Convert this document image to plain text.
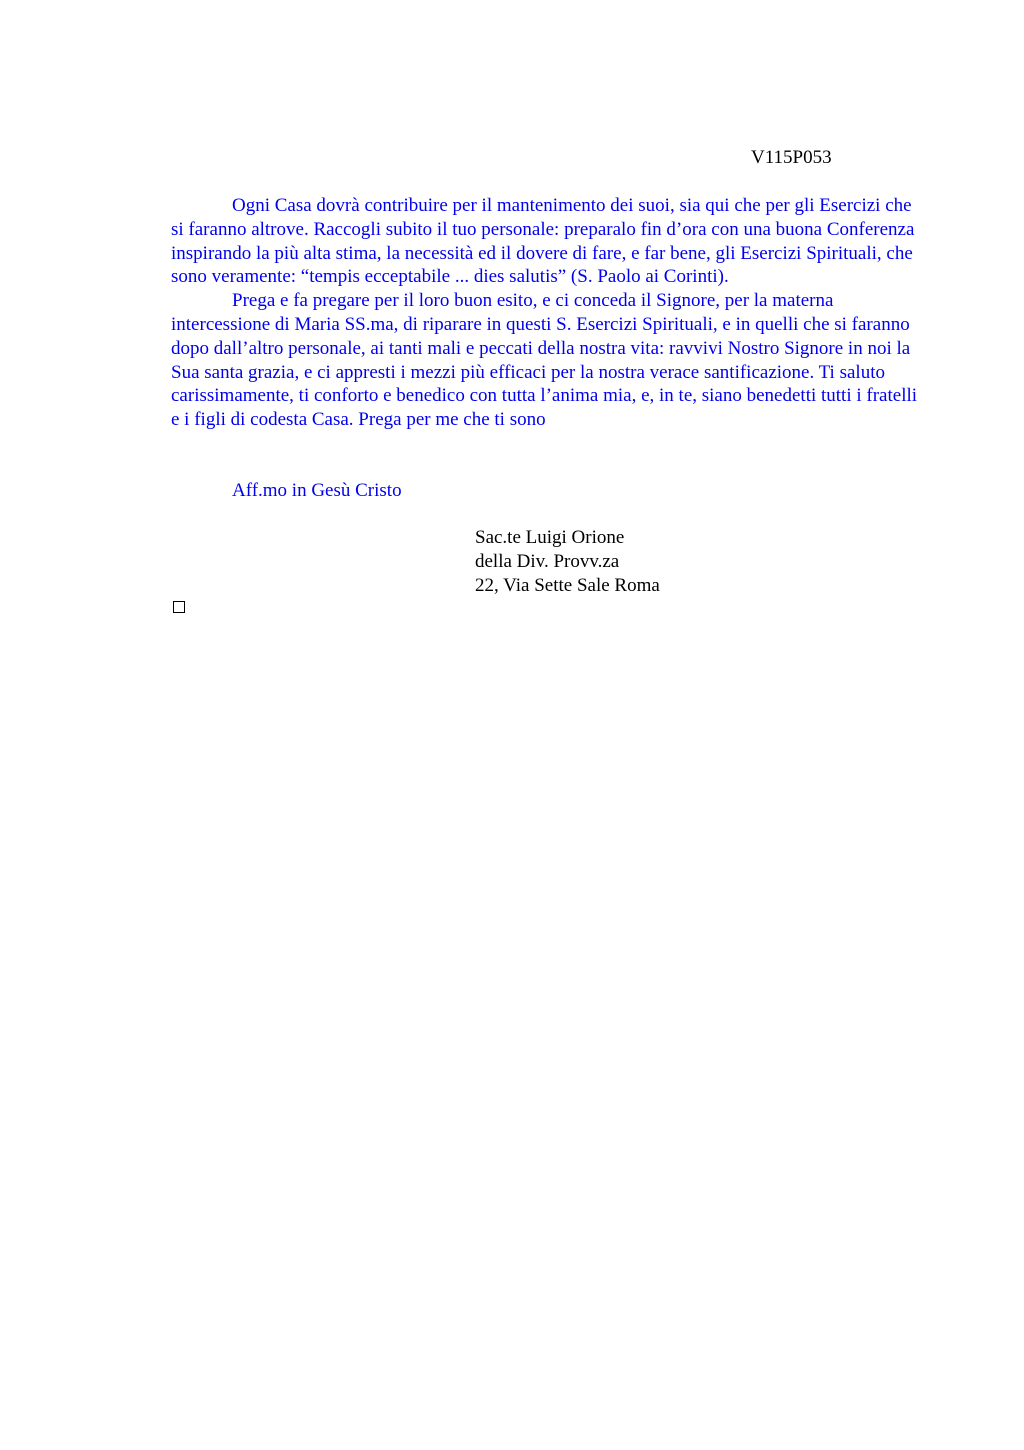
V115P053

Ogni Casa dovrà contribuire per il mantenimento dei suoi, sia qui che per gli Esercizi che si faranno altrove. Raccogli subito il tuo personale: preparalo fin d’ora con una buona Conferenza inspirando la più alta stima, la necessità ed il dovere di fare, e far bene, gli Esercizi Spirituali, che sono veramente: “tempis ecceptabile ... dies salutis” (S. Paolo ai Corinti).

Prega e fa pregare per il loro buon esito, e ci conceda il Signore, per la materna intercessione di Maria SS.ma, di riparare in questi S. Esercizi Spirituali, e in quelli che si faranno dopo dall’altro personale, ai tanti mali e peccati della nostra vita: ravvivi Nostro Signore in noi la Sua santa grazia, e ci appresti i mezzi più efficaci per la nostra verace santificazione. Ti saluto carissimamente, ti conforto e benedico con tutta l’anima mia, e, in te, siano benedetti tutti i fratelli e i figli di codesta Casa. Prega per me che ti sono

Aff.mo in Gesù Cristo
Sac.te Luigi Orione
della Div. Provv.za
22, Via Sette Sale Roma
